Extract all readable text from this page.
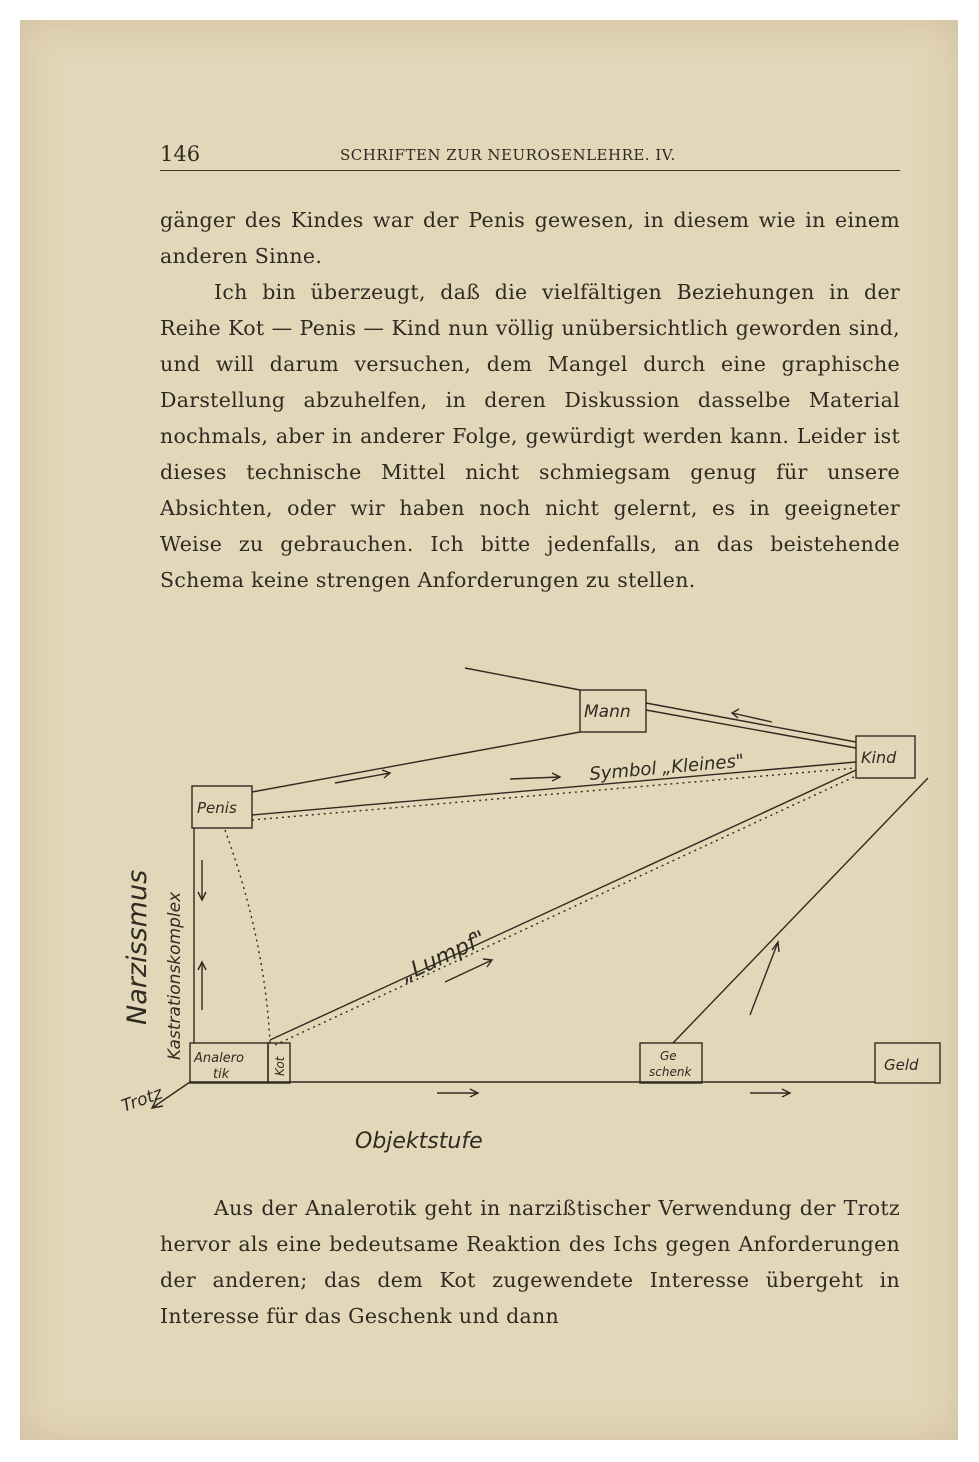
146	SCHRIFTEN ZUR NEUROSENLEHRE. IV.

gänger des Kindes war der Penis gewesen, in diesem wie in einem anderen Sinne.

Ich bin überzeugt, daß die vielfältigen Beziehungen in der Reihe Kot — Penis — Kind nun völlig unübersichtlich geworden sind, und will darum versuchen, dem Mangel durch eine graphische Darstellung abzuhelfen, in deren Diskussion dasselbe Material nochmals, aber in anderer Folge, gewürdigt werden kann. Leider ist dieses technische Mittel nicht schmiegsam genug für unsere Absichten, oder wir haben noch nicht gelernt, es in geeigneter Weise zu gebrauchen. Ich bitte jedenfalls, an das beistehende Schema keine strengen Anforderungen zu stellen.

Mann
Kind
Penis
Analero
tik	Kot
Ge
schenk	Geld
Symbol „Kleines"
„Lumpf"
Narzissmus Kastrationskomplex
Trotz
Objektstufe

Aus der Analerotik geht in narzißtischer Verwendung der Trotz hervor als eine bedeutsame Reaktion des Ichs gegen Anforderungen der anderen; das dem Kot zugewendete Interesse übergeht in Interesse für das Geschenk und dann
